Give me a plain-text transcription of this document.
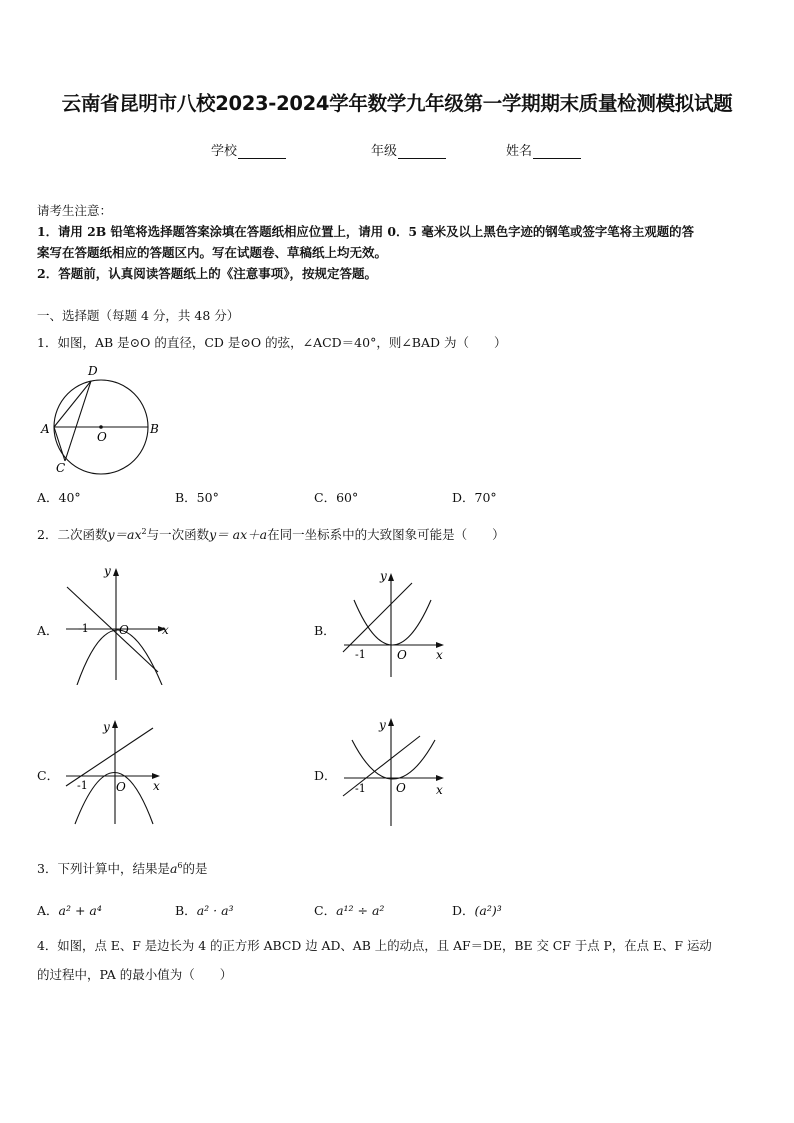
云南省昆明市八校2023-2024学年数学九年级第一学期期末质量检测模拟试题
学校	年级	姓名
请考生注意：
1．请用 2B 铅笔将选择题答案涂填在答题纸相应位置上，请用 0．5 毫米及以上黑色字迹的钢笔或签字笔将主观题的答
案写在答题纸相应的答题区内。写在试题卷、草稿纸上均无效。
2．答题前，认真阅读答题纸上的《注意事项》，按规定答题。
一、选择题（每题 4 分，共 48 分）
1．如图，AB 是⊙O 的直径，CD 是⊙O 的弦，∠ACD＝40°，则∠BAD 为（　　）
A	B
C
D
O
A．40°	B．50°	C．60°	D．70°
2．二次函数$y=ax^2$与一次函数y＝ ax＋a在同一坐标系中的大致图象可能是（　　）
A．
y
x
O
-1	B．
y
x
O
-1
C．
y
x
O
-1
D．
y
x
O
-1
3．下列计算中，结果是$a^6$的是
A．a² + a⁴	B．a² · a³	C．a¹² ÷ a²	D．(a²)³
4．如图，点 E、F 是边长为 4 的正方形 ABCD 边 AD、AB 上的动点，且 AF＝DE，BE 交 CF 于点 P，在点 E、F 运动
的过程中，PA 的最小值为（　　）
